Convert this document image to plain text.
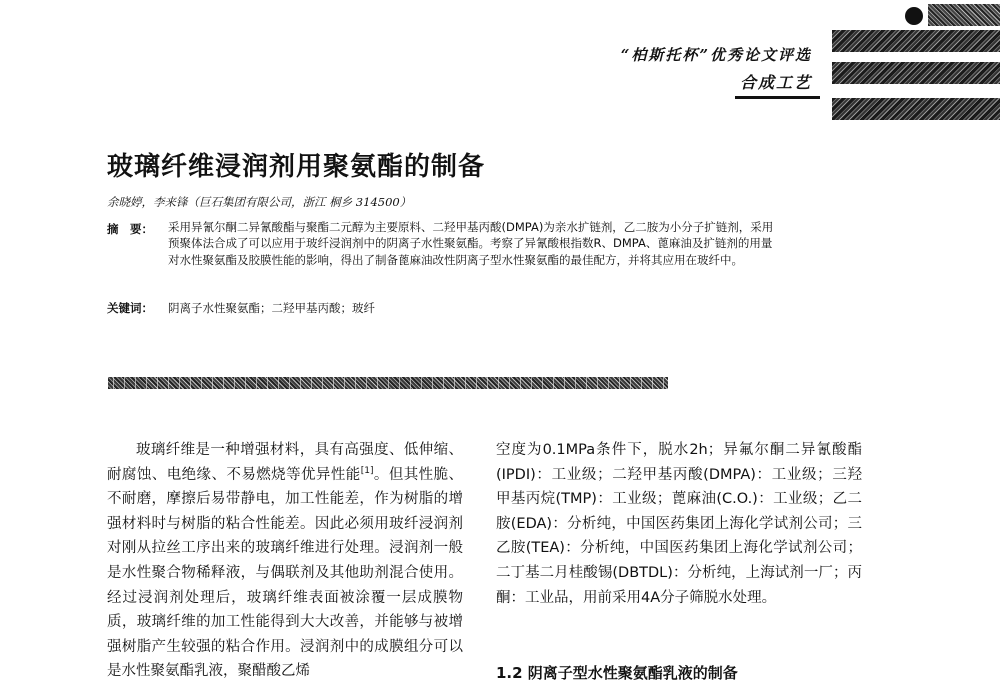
“柏斯托杯”优秀论文评选
合成工艺
玻璃纤维浸润剂用聚氨酯的制备
余晓婷，李来锋（巨石集团有限公司，浙江 桐乡 314500）
摘　要： 采用异氰尔酮二异氰酸酯与聚酯二元醇为主要原料、二羟甲基丙酸(DMPA)为亲水扩链剂，乙二胺为小分子扩链剂，采用预聚体法合成了可以应用于玻纤浸润剂中的阴离子水性聚氨酯。考察了异氰酸根指数R、DMPA、蓖麻油及扩链剂的用量对水性聚氨酯及胶膜性能的影响，得出了制备蓖麻油改性阴离子型水性聚氨酯的最佳配方，并将其应用在玻纤中。
关键词： 阴离子水性聚氨酯；二羟甲基丙酸；玻纤
玻璃纤维是一种增强材料，具有高强度、低伸缩、耐腐蚀、电绝缘、不易燃烧等优异性能[1]。但其性脆、不耐磨，摩擦后易带静电，加工性能差，作为树脂的增强材料时与树脂的粘合性能差。因此必须用玻纤浸润剂对刚从拉丝工序出来的玻璃纤维进行处理。浸润剂一般是水性聚合物稀释液，与偶联剂及其他助剂混合使用。经过浸润剂处理后，玻璃纤维表面被涂覆一层成膜物质，玻璃纤维的加工性能得到大大改善，并能够与被增强树脂产生较强的粘合作用。浸润剂中的成膜组分可以是水性聚氨酯乳液，聚醋酸乙烯
空度为0.1MPa条件下，脱水2h；异氟尔酮二异氰酸酯(IPDI)：工业级；二羟甲基丙酸(DMPA)：工业级；三羟甲基丙烷(TMP)：工业级；蓖麻油(C.O.)：工业级；乙二胺(EDA)：分析纯，中国医药集团上海化学试剂公司；三乙胺(TEA)：分析纯，中国医药集团上海化学试剂公司；二丁基二月桂酸锡(DBTDL)：分析纯，上海试剂一厂；丙酮：工业品，用前采用4A分子筛脱水处理。
1.2 阴离子型水性聚氨酯乳液的制备
